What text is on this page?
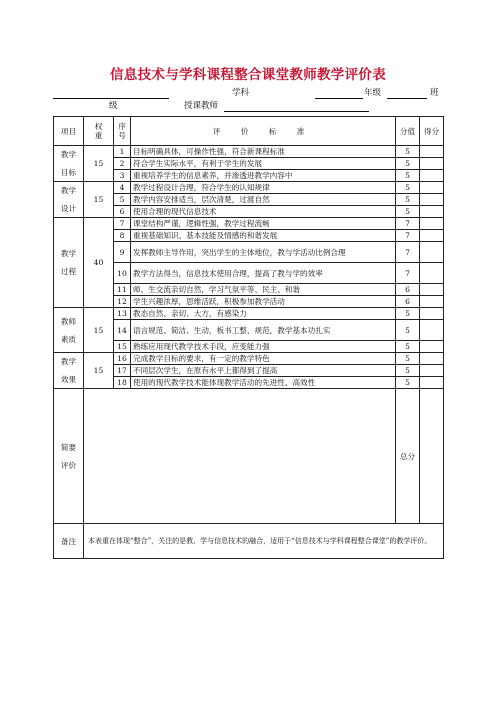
信息技术与学科课程整合课堂教师教学评价表
学科	年级	班
级	授课教师
项目	权重	序号	评 价 标 准	分值	得分

教学
目标	15	1	目标明确具体，可操作性强，符合新课程标准	5	
		2	符合学生实际水平，有利于学生的发展	5	
		3	重视培养学生的信息素养，并渗透进教学内容中	5	

教学
设计	15	4	教学过程设计合理，符合学生的认知规律	5	
		5	教学内容安排适当，层次清楚，过渡自然	5	
		6	使用合理的现代信息技术	5	

教学
过程	40	7	课堂结构严谨，逻辑性强，教学过程流畅	7	
		8	重视基础知识、基本技能及情感的和谐发展	7	
		9	发挥教师主导作用，突出学生的主体地位，教与学活动比例合理	7	
		10	教学方法得当，信息技术使用合理，提高了教与学的效率	7	
		11	师、生交流亲切自然，学习气氛平等、民主、和谐	6	
		12	学生兴趣浓厚，思维活跃，积极参加教学活动	6	

教师
素质	15	13	教态自然、亲切、大方，有感染力	5	
		14	语言规范、简洁、生动，板书工整、规范，教学基本功扎实	5	
		15	熟练应用现代教学技术手段，应变能力强	5	

教学
效果	15	16	完成教学目标的要求，有一定的教学特色	5	
		17	不同层次学生，在原有水平上都得到了提高	5	
		18	使用的现代教学技术能体现教学活动的先进性、高效性	5	

简要
评价				总分	
备注	本表重在体现“整合”，关注的是教、学与信息技术的融合，适用于“信息技术与学科课程整合课堂”的教学评价。				
